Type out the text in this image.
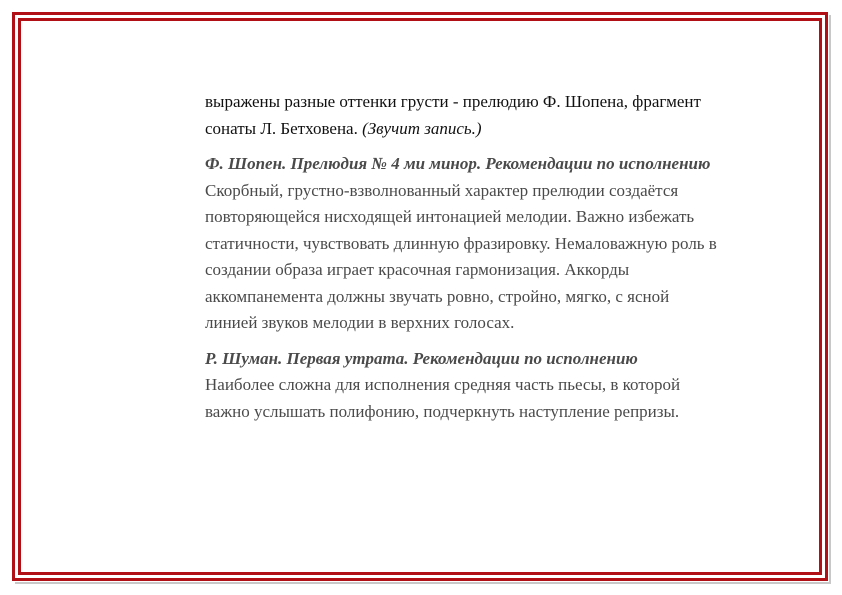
выражены разные оттенки грусти - прелюдию Ф. Шопена, фрагмент сонаты Л. Бетховена. (Звучит запись.)

Ф. Шопен. Прелюдия № 4 ми минор. Рекомендации по исполнению

Скорбный, грустно-взволнованный характер прелюдии создаётся повторяющейся нисходящей интонацией мелодии. Важно избежать статичности, чувствовать длинную фразировку. Немаловажную роль в создании образа играет красочная гармонизация. Аккорды аккомпанемента должны звучать ровно, стройно, мягко, с ясной линией звуков мелодии в верхних голосах.

Р. Шуман. Первая утрата. Рекомендации по исполнению

Наиболее сложна для исполнения средняя часть пьесы, в которой важно услышать полифонию, подчеркнуть наступление репризы.
